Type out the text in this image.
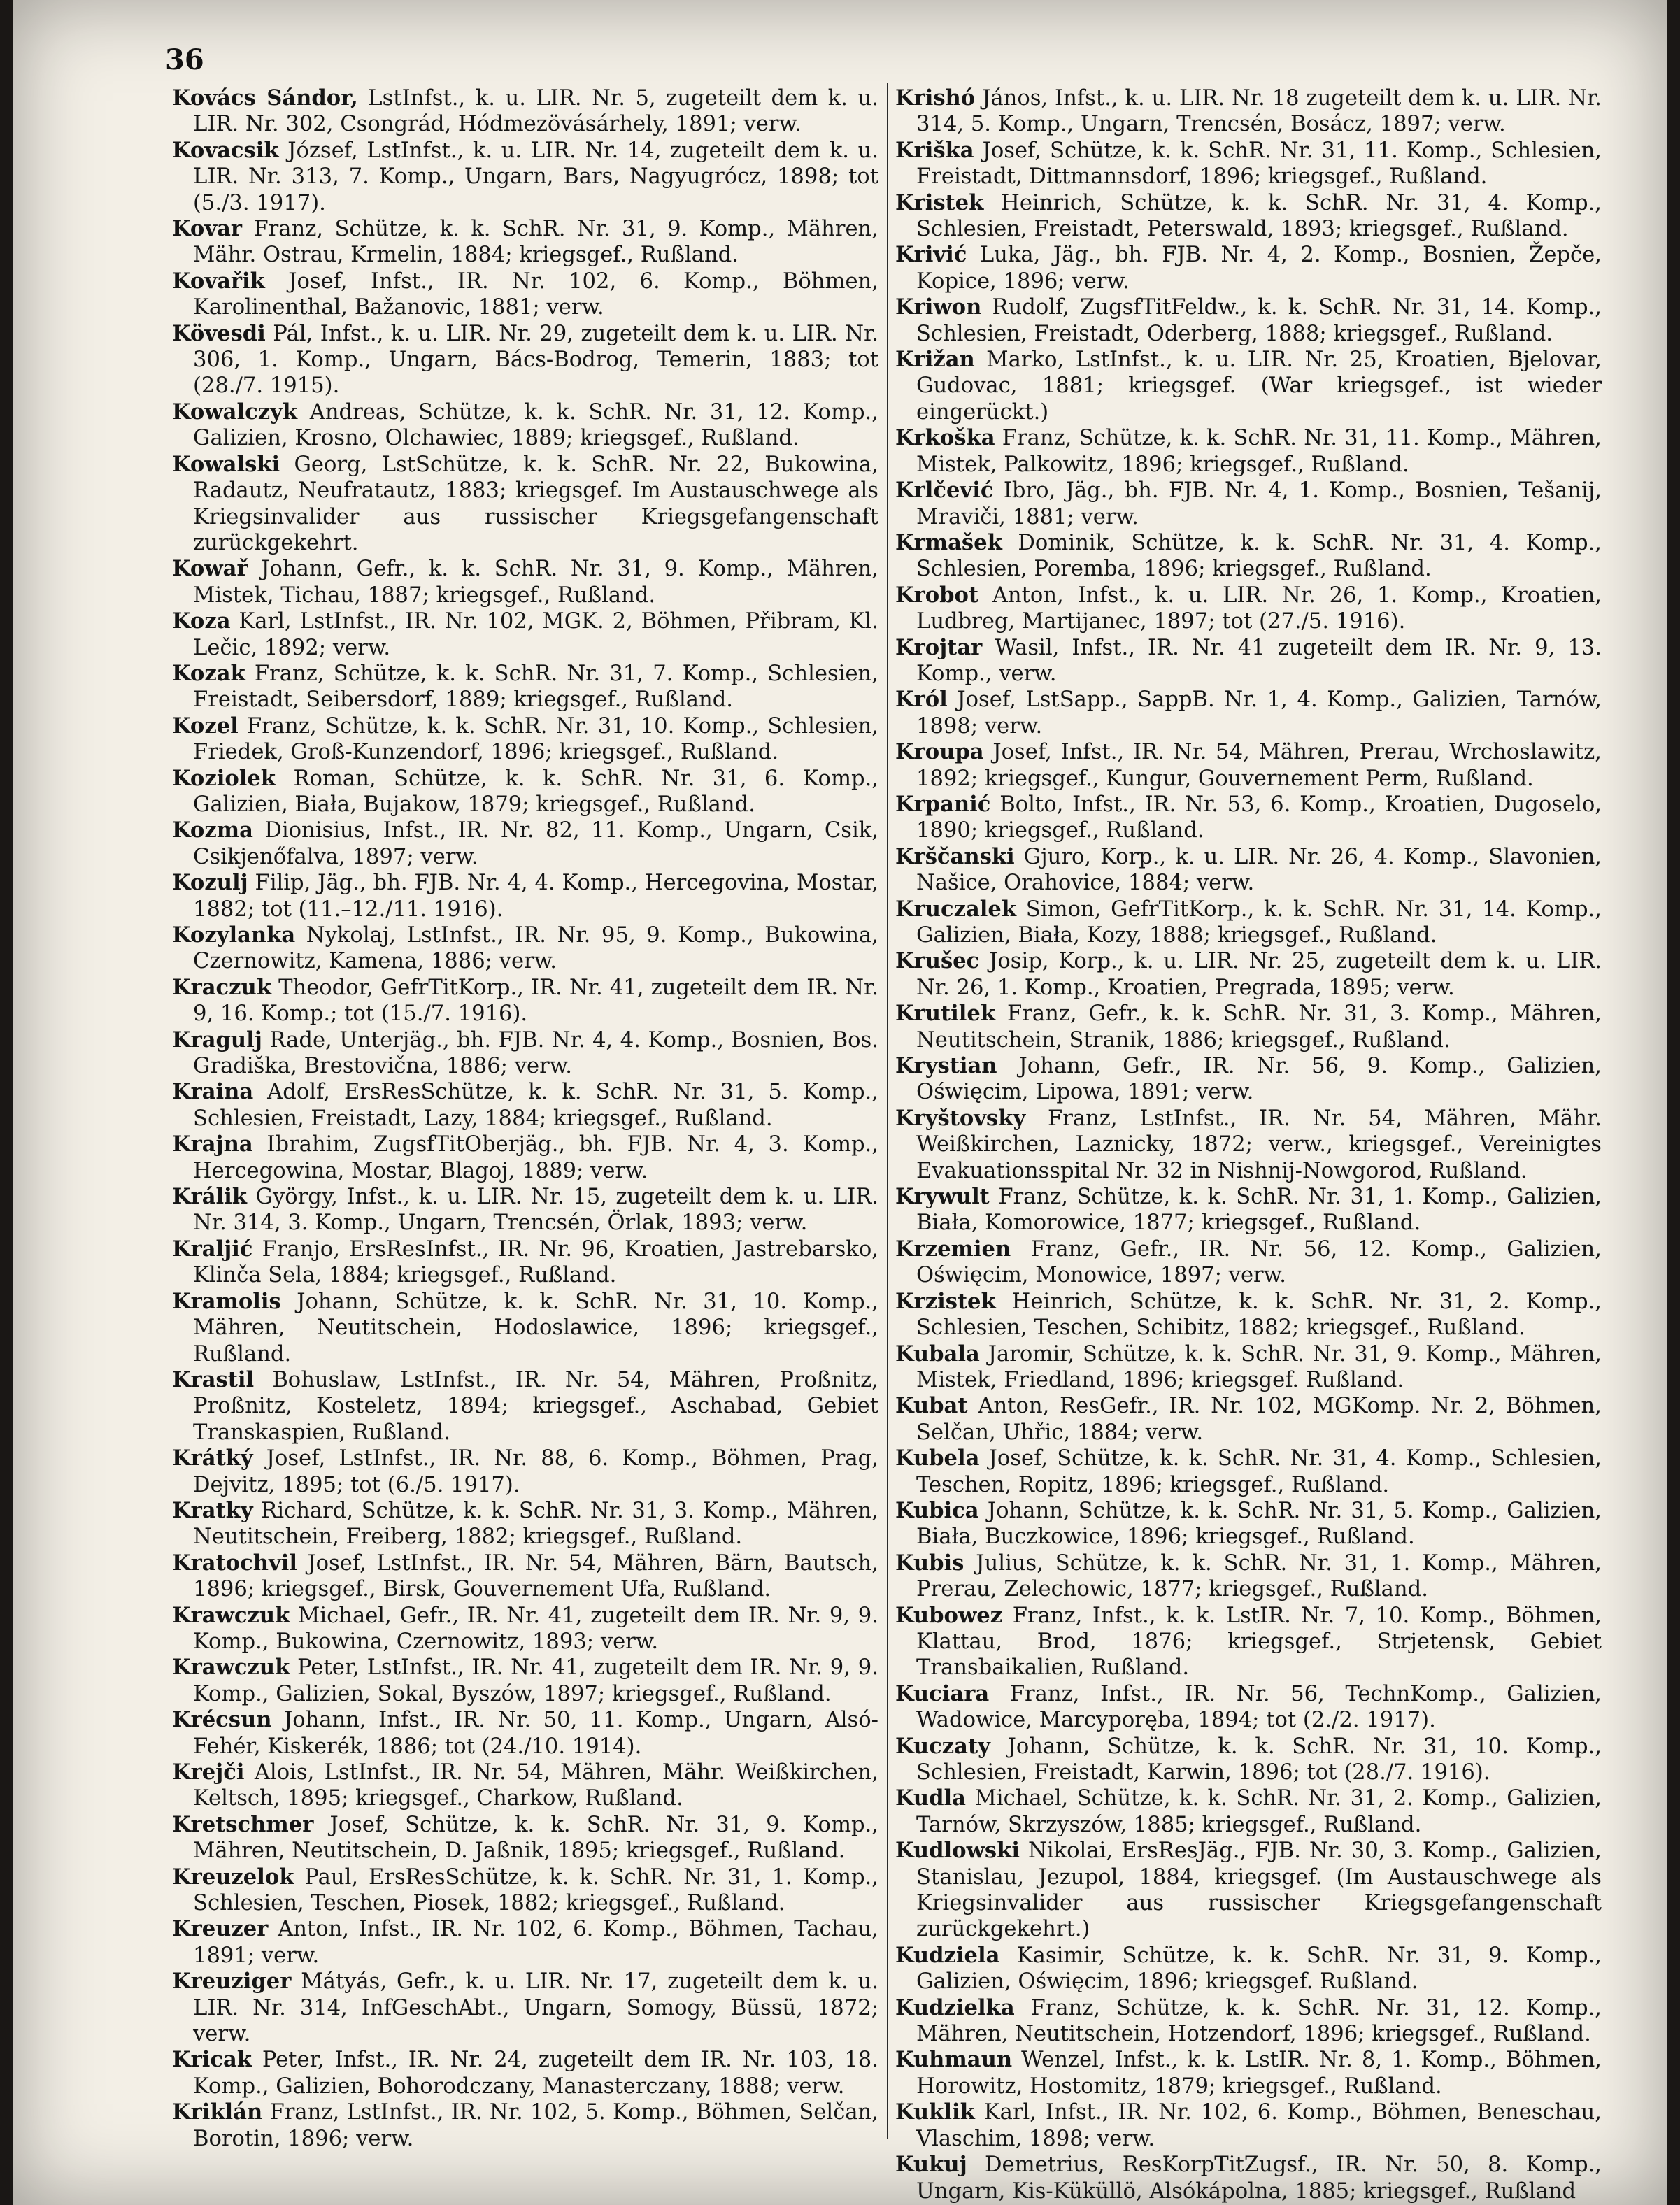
36

Kovács Sándor, LstInfst., k. u. LIR. Nr. 5, zugeteilt dem k. u. LIR. Nr. 302, Csongrád, Hódmezövásárhely, 1891; verw.

Kovacsik József, LstInfst., k. u. LIR. Nr. 14, zugeteilt dem k. u. LIR. Nr. 313, 7. Komp., Ungarn, Bars, Nagyugrócz, 1898; tot (5./3. 1917).

Kovar Franz, Schütze, k. k. SchR. Nr. 31, 9. Komp., Mähren, Mähr. Ostrau, Krmelin, 1884; kriegsgef., Rußland.

Kovařik Josef, Infst., IR. Nr. 102, 6. Komp., Böhmen, Karolinenthal, Bažanovic, 1881; verw.

Kövesdi Pál, Infst., k. u. LIR. Nr. 29, zugeteilt dem k. u. LIR. Nr. 306, 1. Komp., Ungarn, Bács-Bodrog, Temerin, 1883; tot (28./7. 1915).

Kowalczyk Andreas, Schütze, k. k. SchR. Nr. 31, 12. Komp., Galizien, Krosno, Olchawiec, 1889; kriegsgef., Rußland.

Kowalski Georg, LstSchütze, k. k. SchR. Nr. 22, Bukowina, Radautz, Neufratautz, 1883; kriegsgef. Im Austauschwege als Kriegsinvalider aus russischer Kriegsgefangenschaft zurückgekehrt.

Kowař Johann, Gefr., k. k. SchR. Nr. 31, 9. Komp., Mähren, Mistek, Tichau, 1887; kriegsgef., Rußland.

Koza Karl, LstInfst., IR. Nr. 102, MGK. 2, Böhmen, Přibram, Kl. Lečic, 1892; verw.

Kozak Franz, Schütze, k. k. SchR. Nr. 31, 7. Komp., Schlesien, Freistadt, Seibersdorf, 1889; kriegsgef., Rußland.

Kozel Franz, Schütze, k. k. SchR. Nr. 31, 10. Komp., Schlesien, Friedek, Groß-Kunzendorf, 1896; kriegsgef., Rußland.

Koziolek Roman, Schütze, k. k. SchR. Nr. 31, 6. Komp., Galizien, Biała, Bujakow, 1879; kriegsgef., Rußland.

Kozma Dionisius, Infst., IR. Nr. 82, 11. Komp., Ungarn, Csik, Csikjenőfalva, 1897; verw.

Kozulj Filip, Jäg., bh. FJB. Nr. 4, 4. Komp., Hercegovina, Mostar, 1882; tot (11.–12./11. 1916).

Kozylanka Nykolaj, LstInfst., IR. Nr. 95, 9. Komp., Bukowina, Czernowitz, Kamena, 1886; verw.

Kraczuk Theodor, GefrTitKorp., IR. Nr. 41, zugeteilt dem IR. Nr. 9, 16. Komp.; tot (15./7. 1916).

Kragulj Rade, Unterjäg., bh. FJB. Nr. 4, 4. Komp., Bosnien, Bos. Gradiška, Brestovična, 1886; verw.

Kraina Adolf, ErsResSchütze, k. k. SchR. Nr. 31, 5. Komp., Schlesien, Freistadt, Lazy, 1884; kriegsgef., Rußland.

Krajna Ibrahim, ZugsfTitOberjäg., bh. FJB. Nr. 4, 3. Komp., Hercegowina, Mostar, Blagoj, 1889; verw.

Králik György, Infst., k. u. LIR. Nr. 15, zugeteilt dem k. u. LIR. Nr. 314, 3. Komp., Ungarn, Trencsén, Örlak, 1893; verw.

Kraljić Franjo, ErsResInfst., IR. Nr. 96, Kroatien, Jastrebarsko, Klinča Sela, 1884; kriegsgef., Rußland.

Kramolis Johann, Schütze, k. k. SchR. Nr. 31, 10. Komp., Mähren, Neutitschein, Hodoslawice, 1896; kriegsgef., Rußland.

Krastil Bohuslaw, LstInfst., IR. Nr. 54, Mähren, Proßnitz, Proßnitz, Kosteletz, 1894; kriegsgef., Aschabad, Gebiet Transkaspien, Rußland.

Krátký Josef, LstInfst., IR. Nr. 88, 6. Komp., Böhmen, Prag, Dejvitz, 1895; tot (6./5. 1917).

Kratky Richard, Schütze, k. k. SchR. Nr. 31, 3. Komp., Mähren, Neutitschein, Freiberg, 1882; kriegsgef., Rußland.

Kratochvil Josef, LstInfst., IR. Nr. 54, Mähren, Bärn, Bautsch, 1896; kriegsgef., Birsk, Gouvernement Ufa, Rußland.

Krawczuk Michael, Gefr., IR. Nr. 41, zugeteilt dem IR. Nr. 9, 9. Komp., Bukowina, Czernowitz, 1893; verw.

Krawczuk Peter, LstInfst., IR. Nr. 41, zugeteilt dem IR. Nr. 9, 9. Komp., Galizien, Sokal, Byszów, 1897; kriegsgef., Rußland.

Krécsun Johann, Infst., IR. Nr. 50, 11. Komp., Ungarn, Alsó-Fehér, Kiskerék, 1886; tot (24./10. 1914).

Krejči Alois, LstInfst., IR. Nr. 54, Mähren, Mähr. Weißkirchen, Keltsch, 1895; kriegsgef., Charkow, Rußland.

Kretschmer Josef, Schütze, k. k. SchR. Nr. 31, 9. Komp., Mähren, Neutitschein, D. Jaßnik, 1895; kriegsgef., Rußland.

Kreuzelok Paul, ErsResSchütze, k. k. SchR. Nr. 31, 1. Komp., Schlesien, Teschen, Piosek, 1882; kriegsgef., Rußland.

Kreuzer Anton, Infst., IR. Nr. 102, 6. Komp., Böhmen, Tachau, 1891; verw.

Kreuziger Mátyás, Gefr., k. u. LIR. Nr. 17, zugeteilt dem k. u. LIR. Nr. 314, InfGeschAbt., Ungarn, Somogy, Büssü, 1872; verw.

Kricak Peter, Infst., IR. Nr. 24, zugeteilt dem IR. Nr. 103, 18. Komp., Galizien, Bohorodczany, Manasterczany, 1888; verw.

Kriklán Franz, LstInfst., IR. Nr. 102, 5. Komp., Böhmen, Selčan, Borotin, 1896; verw.

Krishó János, Infst., k. u. LIR. Nr. 18 zugeteilt dem k. u. LIR. Nr. 314, 5. Komp., Ungarn, Trencsén, Bosácz, 1897; verw.

Kriška Josef, Schütze, k. k. SchR. Nr. 31, 11. Komp., Schlesien, Freistadt, Dittmannsdorf, 1896; kriegsgef., Rußland.

Kristek Heinrich, Schütze, k. k. SchR. Nr. 31, 4. Komp., Schlesien, Freistadt, Peterswald, 1893; kriegsgef., Rußland.

Krivić Luka, Jäg., bh. FJB. Nr. 4, 2. Komp., Bosnien, Žepče, Kopice, 1896; verw.

Kriwon Rudolf, ZugsfTitFeldw., k. k. SchR. Nr. 31, 14. Komp., Schlesien, Freistadt, Oderberg, 1888; kriegsgef., Rußland.

Križan Marko, LstInfst., k. u. LIR. Nr. 25, Kroatien, Bjelovar, Gudovac, 1881; kriegsgef. (War kriegsgef., ist wieder eingerückt.)

Krkoška Franz, Schütze, k. k. SchR. Nr. 31, 11. Komp., Mähren, Mistek, Palkowitz, 1896; kriegsgef., Rußland.

Krlčević Ibro, Jäg., bh. FJB. Nr. 4, 1. Komp., Bosnien, Tešanij, Mraviči, 1881; verw.

Krmašek Dominik, Schütze, k. k. SchR. Nr. 31, 4. Komp., Schlesien, Poremba, 1896; kriegsgef., Rußland.

Krobot Anton, Infst., k. u. LIR. Nr. 26, 1. Komp., Kroatien, Ludbreg, Martijanec, 1897; tot (27./5. 1916).

Krojtar Wasil, Infst., IR. Nr. 41 zugeteilt dem IR. Nr. 9, 13. Komp., verw.

Król Josef, LstSapp., SappB. Nr. 1, 4. Komp., Galizien, Tarnów, 1898; verw.

Kroupa Josef, Infst., IR. Nr. 54, Mähren, Prerau, Wrchoslawitz, 1892; kriegsgef., Kungur, Gouvernement Perm, Rußland.

Krpanić Bolto, Infst., IR. Nr. 53, 6. Komp., Kroatien, Dugoselo, 1890; kriegsgef., Rußland.

Krščanski Gjuro, Korp., k. u. LIR. Nr. 26, 4. Komp., Slavonien, Našice, Orahovice, 1884; verw.

Kruczalek Simon, GefrTitKorp., k. k. SchR. Nr. 31, 14. Komp., Galizien, Biała, Kozy, 1888; kriegsgef., Rußland.

Krušec Josip, Korp., k. u. LIR. Nr. 25, zugeteilt dem k. u. LIR. Nr. 26, 1. Komp., Kroatien, Pregrada, 1895; verw.

Krutilek Franz, Gefr., k. k. SchR. Nr. 31, 3. Komp., Mähren, Neutitschein, Stranik, 1886; kriegsgef., Rußland.

Krystian Johann, Gefr., IR. Nr. 56, 9. Komp., Galizien, Oświęcim, Lipowa, 1891; verw.

Kryštovsky Franz, LstInfst., IR. Nr. 54, Mähren, Mähr. Weißkirchen, Laznicky, 1872; verw., kriegsgef., Vereinigtes Evakuationsspital Nr. 32 in Nishnij-Nowgorod, Rußland.

Krywult Franz, Schütze, k. k. SchR. Nr. 31, 1. Komp., Galizien, Biała, Komorowice, 1877; kriegsgef., Rußland.

Krzemien Franz, Gefr., IR. Nr. 56, 12. Komp., Galizien, Oświęcim, Monowice, 1897; verw.

Krzistek Heinrich, Schütze, k. k. SchR. Nr. 31, 2. Komp., Schlesien, Teschen, Schibitz, 1882; kriegsgef., Rußland.

Kubala Jaromir, Schütze, k. k. SchR. Nr. 31, 9. Komp., Mähren, Mistek, Friedland, 1896; kriegsgef. Rußland.

Kubat Anton, ResGefr., IR. Nr. 102, MGKomp. Nr. 2, Böhmen, Selčan, Uhřic, 1884; verw.

Kubela Josef, Schütze, k. k. SchR. Nr. 31, 4. Komp., Schlesien, Teschen, Ropitz, 1896; kriegsgef., Rußland.

Kubica Johann, Schütze, k. k. SchR. Nr. 31, 5. Komp., Galizien, Biała, Buczkowice, 1896; kriegsgef., Rußland.

Kubis Julius, Schütze, k. k. SchR. Nr. 31, 1. Komp., Mähren, Prerau, Zelechowic, 1877; kriegsgef., Rußland.

Kubowez Franz, Infst., k. k. LstIR. Nr. 7, 10. Komp., Böhmen, Klattau, Brod, 1876; kriegsgef., Strjetensk, Gebiet Transbaikalien, Rußland.

Kuciara Franz, Infst., IR. Nr. 56, TechnKomp., Galizien, Wadowice, Marcyporęba, 1894; tot (2./2. 1917).

Kuczaty Johann, Schütze, k. k. SchR. Nr. 31, 10. Komp., Schlesien, Freistadt, Karwin, 1896; tot (28./7. 1916).

Kudla Michael, Schütze, k. k. SchR. Nr. 31, 2. Komp., Galizien, Tarnów, Skrzyszów, 1885; kriegsgef., Rußland.

Kudlowski Nikolai, ErsResJäg., FJB. Nr. 30, 3. Komp., Galizien, Stanislau, Jezupol, 1884, kriegsgef. (Im Austauschwege als Kriegsinvalider aus russischer Kriegsgefangenschaft zurückgekehrt.)

Kudziela Kasimir, Schütze, k. k. SchR. Nr. 31, 9. Komp., Galizien, Oświęcim, 1896; kriegsgef. Rußland.

Kudzielka Franz, Schütze, k. k. SchR. Nr. 31, 12. Komp., Mähren, Neutitschein, Hotzendorf, 1896; kriegsgef., Rußland.

Kuhmaun Wenzel, Infst., k. k. LstIR. Nr. 8, 1. Komp., Böhmen, Horowitz, Hostomitz, 1879; kriegsgef., Rußland.

Kuklik Karl, Infst., IR. Nr. 102, 6. Komp., Böhmen, Beneschau, Vlaschim, 1898; verw.

Kukuj Demetrius, ResKorpTitZugsf., IR. Nr. 50, 8. Komp., Ungarn, Kis-Küküllö, Alsókápolna, 1885; kriegsgef., Rußland
